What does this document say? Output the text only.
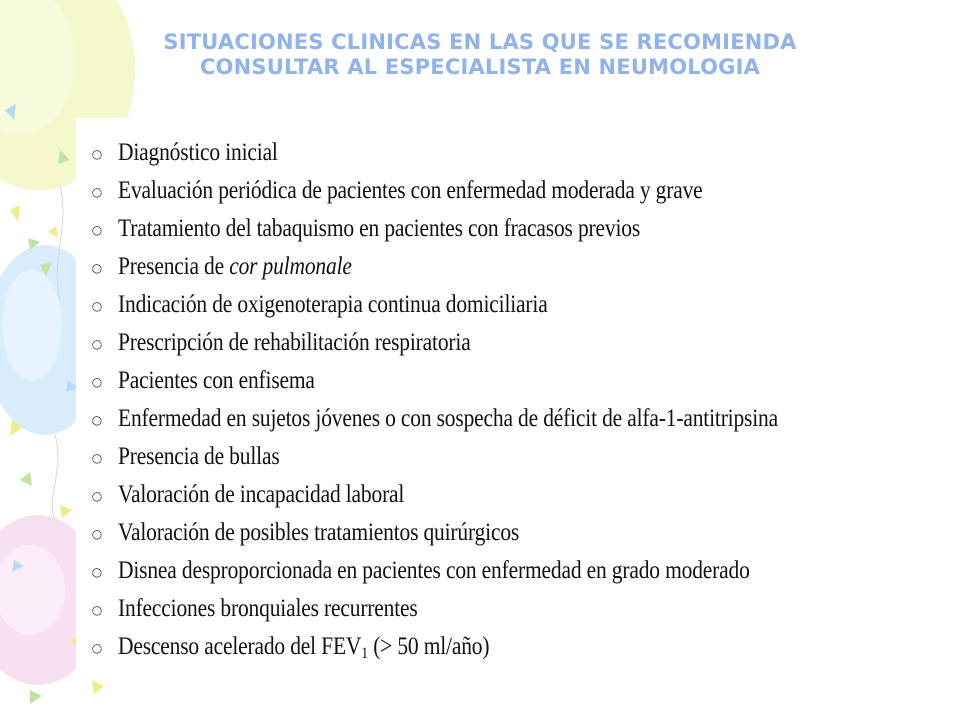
SITUACIONES CLINICAS EN LAS QUE SE RECOMIENDA
CONSULTAR AL ESPECIALISTA EN NEUMOLOGIA
○ Diagnóstico inicial
○ Evaluación periódica de pacientes con enfermedad moderada y grave
○ Tratamiento del tabaquismo en pacientes con fracasos previos
○ Presencia de cor pulmonale
○ Indicación de oxigenoterapia continua domiciliaria
○ Prescripción de rehabilitación respiratoria
○ Pacientes con enfisema
○ Enfermedad en sujetos jóvenes o con sospecha de déficit de alfa-1-antitripsina
○ Presencia de bullas
○ Valoración de incapacidad laboral
○ Valoración de posibles tratamientos quirúrgicos
○ Disnea desproporcionada en pacientes con enfermedad en grado moderado
○ Infecciones bronquiales recurrentes
○ Descenso acelerado del $FEV_1$ (> 50 ml/año)
